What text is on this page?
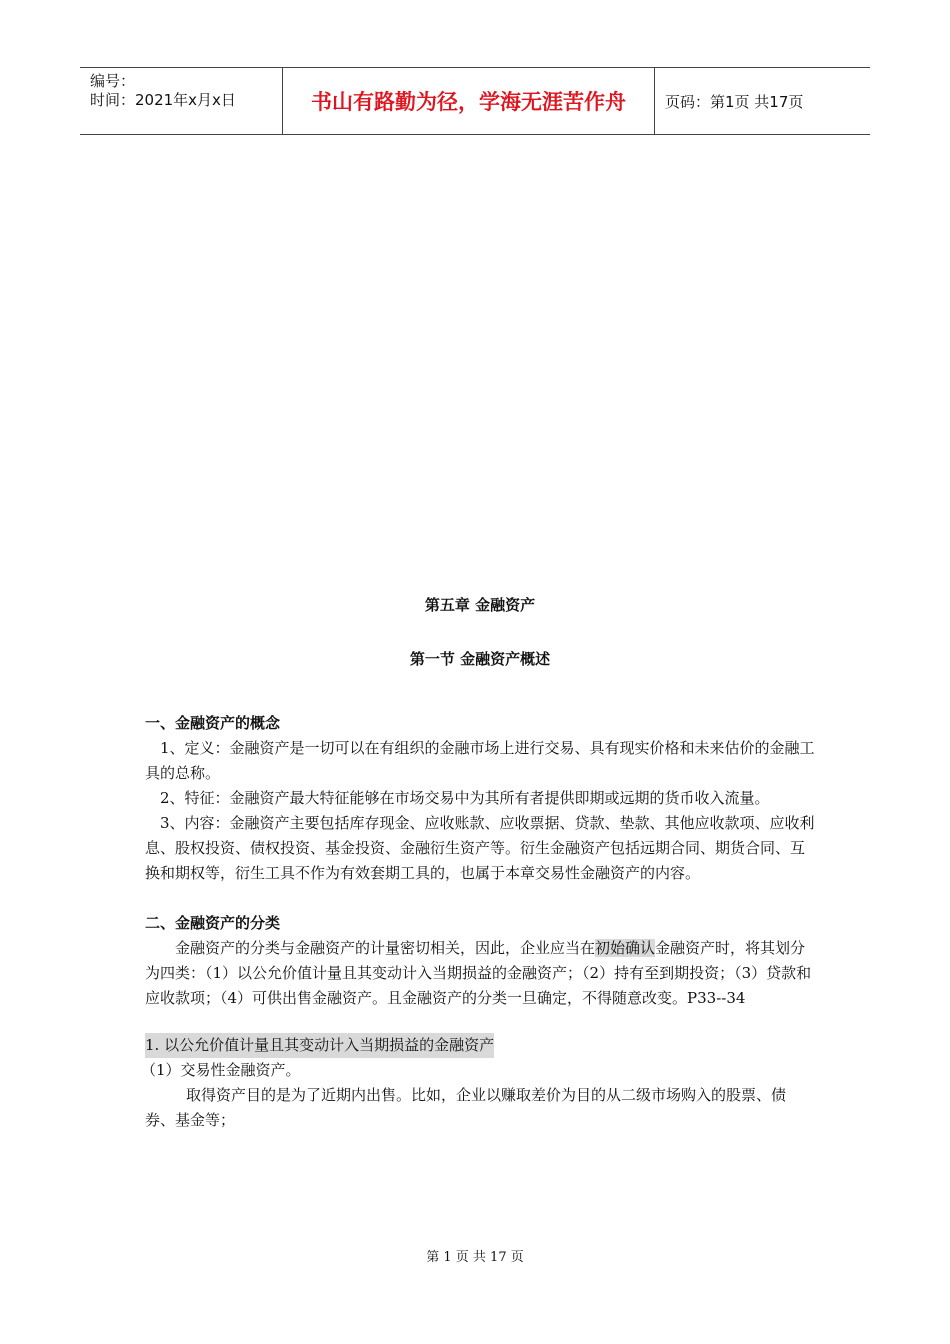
编号：
时间：2021年x月x日	书山有路勤为径，学海无涯苦作舟	页码：第1页 共17页
第五章 金融资产
第一节 金融资产概述
一、金融资产的概念

1、定义：金融资产是一切可以在有组织的金融市场上进行交易、具有现实价格和未来估价的金融工具的总称。

2、特征：金融资产最大特征能够在市场交易中为其所有者提供即期或远期的货币收入流量。

3、内容：金融资产主要包括库存现金、应收账款、应收票据、贷款、垫款、其他应收款项、应收利息、股权投资、债权投资、基金投资、金融衍生资产等。衍生金融资产包括远期合同、期货合同、互换和期权等，衍生工具不作为有效套期工具的，也属于本章交易性金融资产的内容。

二、金融资产的分类

金融资产的分类与金融资产的计量密切相关，因此，企业应当在初始确认金融资产时，将其划分为四类：（1）以公允价值计量且其变动计入当期损益的金融资产；（2）持有至到期投资；（3）贷款和应收款项；（4）可供出售金融资产。且金融资产的分类一旦确定，不得随意改变。P33--34

1. 以公允价值计量且其变动计入当期损益的金融资产

（1）交易性金融资产。

取得资产目的是为了近期内出售。比如，企业以赚取差价为目的从二级市场购入的股票、债券、基金等；

第 1 页 共 17 页
